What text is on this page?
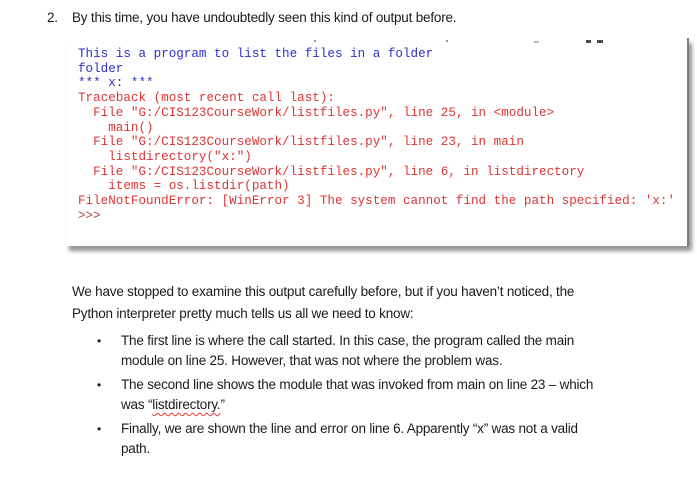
2.	By this time, you have undoubtedly seen this kind of output before.
This is a program to list the files in a folder
folder
*** x: ***
Traceback (most recent call last):
File "G:/CIS123CourseWork/listfiles.py", line 25, in <module>
main()
File "G:/CIS123CourseWork/listfiles.py", line 23, in main
listdirectory("x:")
File "G:/CIS123CourseWork/listfiles.py", line 6, in listdirectory
items = os.listdir(path)
FileNotFoundError: [WinError 3] The system cannot find the path specified: 'x:'
>>>
We have stopped to examine this output carefully before, but if you haven’t noticed, the
Python interpreter pretty much tells us all we need to know:
•	The first line is where the call started. In this case, the program called the main
module on line 25. However, that was not where the problem was.
•	The second line shows the module that was invoked from main on line 23 – which
was “listdirectory.”
•	Finally, we are shown the line and error on line 6. Apparently “x” was not a valid
path.
